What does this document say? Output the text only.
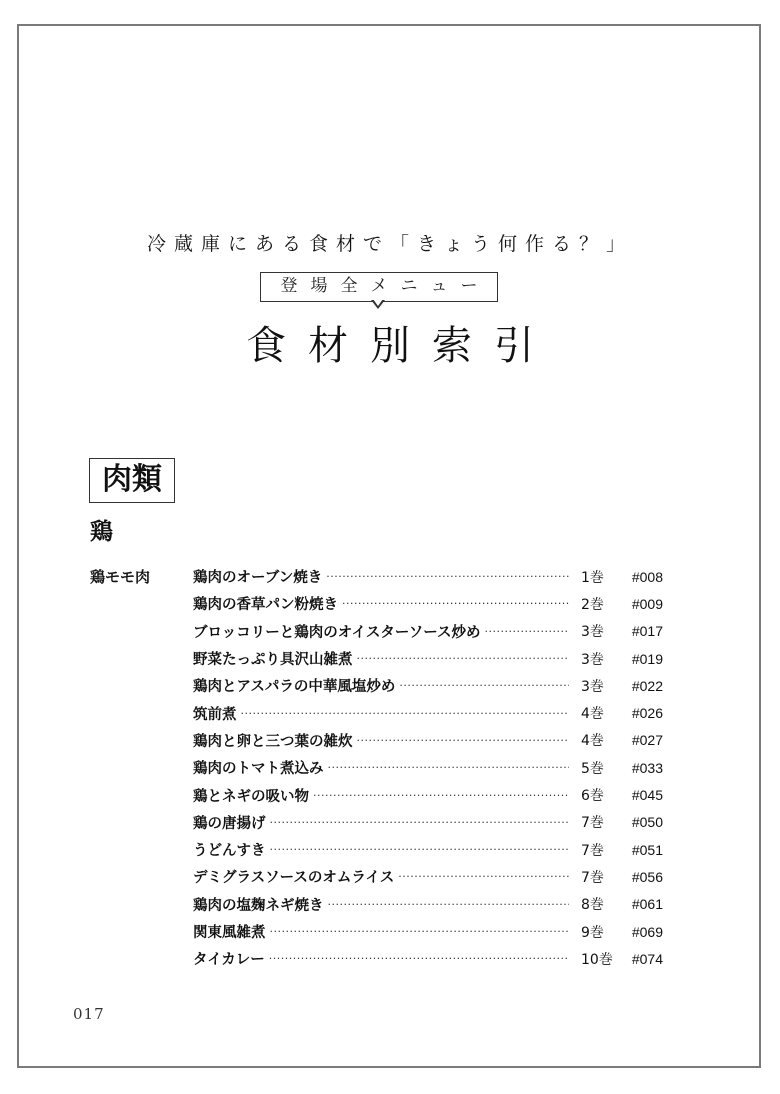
冷蔵庫にある食材で「きょう何作る？」
登場全メニュー
食材別索引
肉類
鶏
鶏モモ肉	鶏肉のオーブン焼き ·····	1巻	#008
鶏肉の香草パン粉焼き ·····	2巻	#009
ブロッコリーと鶏肉のオイスターソース炒め ·····	3巻	#017
野菜たっぷり具沢山雑煮 ·····	3巻	#019
鶏肉とアスパラの中華風塩炒め ·····	3巻	#022
筑前煮 ·····	4巻	#026
鶏肉と卵と三つ葉の雑炊 ·····	4巻	#027
鶏肉のトマト煮込み ·····	5巻	#033
鶏とネギの吸い物 ·····	6巻	#045
鶏の唐揚げ ·····	7巻	#050
うどんすき ·····	7巻	#051
デミグラスソースのオムライス ·····	7巻	#056
鶏肉の塩麹ネギ焼き ·····	8巻	#061
関東風雑煮 ·····	9巻	#069
タイカレー ·····	10巻	#074
017
